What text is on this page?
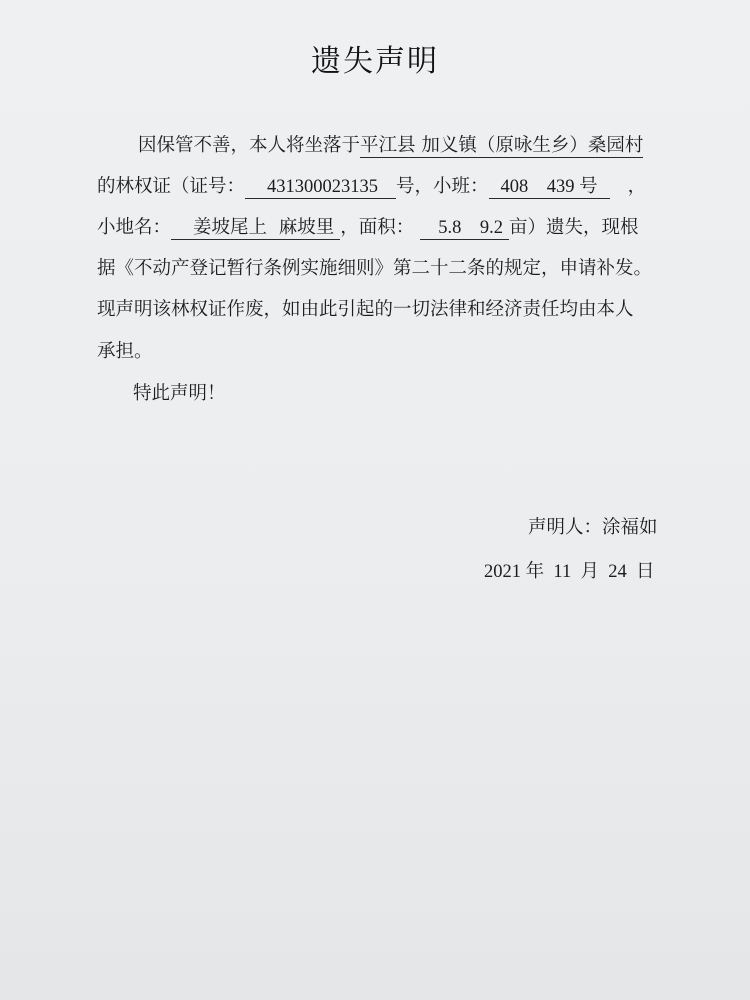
遗失声明
因保管不善，本人将坐落于平江县 加义镇（原咏生乡）桑园村
的林权证（证号： 431300023135 号，小班： 408    439 号 ，
小地名： 姜坡尾上  麻坡里 ，面积： 5.8    9.2 亩）遗失，现根
据《不动产登记暂行条例实施细则》第二十二条的规定，申请补发。
现声明该林权证作废，如由此引起的一切法律和经济责任均由本人
承担。
特此声明！
声明人：涂福如
2021 年  11  月  24  日
